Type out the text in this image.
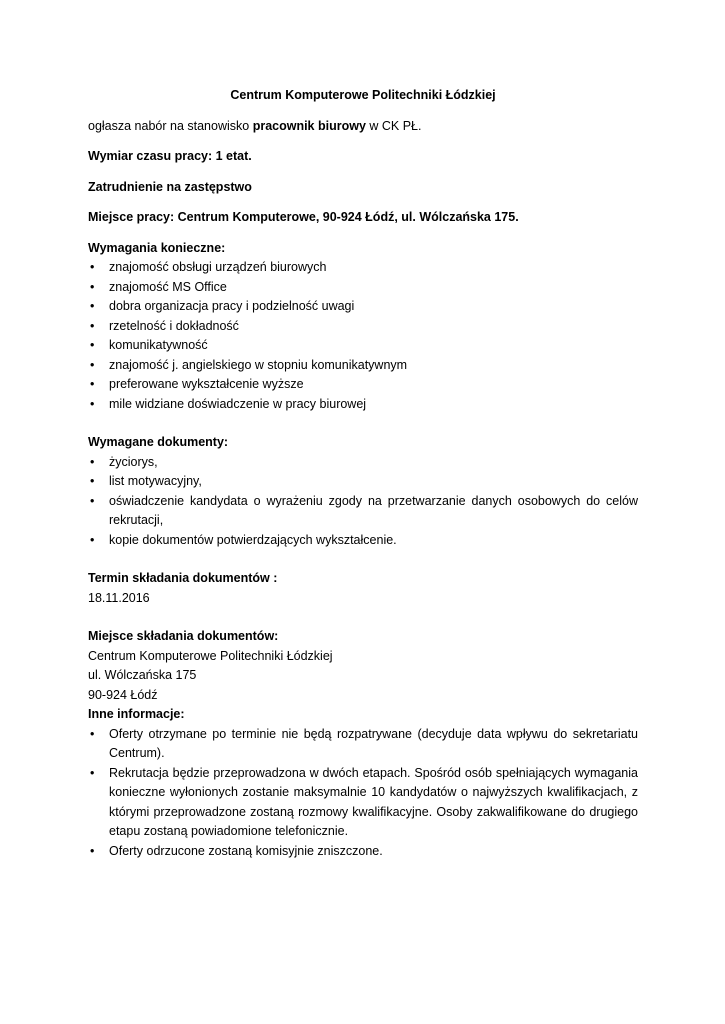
Centrum Komputerowe Politechniki Łódzkiej

ogłasza nabór na stanowisko pracownik biurowy w CK PŁ.

Wymiar czasu pracy: 1 etat.

Zatrudnienie na zastępstwo

Miejsce pracy: Centrum Komputerowe, 90-924 Łódź, ul. Wólczańska 175.

Wymagania konieczne:

• znajomość obsługi urządzeń biurowych
• znajomość MS Office
• dobra organizacja pracy i podzielność uwagi
• rzetelność i dokładność
• komunikatywność
• znajomość j. angielskiego w stopniu komunikatywnym
• preferowane wykształcenie wyższe
• mile widziane doświadczenie w pracy biurowej

Wymagane dokumenty:

• życiorys,
• list motywacyjny,
• oświadczenie kandydata o wyrażeniu zgody na przetwarzanie danych osobowych do celów rekrutacji,
• kopie dokumentów potwierdzających wykształcenie.

Termin składania dokumentów :

18.11.2016

Miejsce składania dokumentów:

Centrum Komputerowe Politechniki Łódzkiej

ul. Wólczańska 175

90-924 Łódź

Inne informacje:

• Oferty otrzymane po terminie nie będą rozpatrywane (decyduje data wpływu do sekretariatu Centrum).
• Rekrutacja będzie przeprowadzona w dwóch etapach. Spośród osób spełniających wymagania konieczne wyłonionych zostanie maksymalnie 10 kandydatów o najwyższych kwalifikacjach, z którymi przeprowadzone zostaną rozmowy kwalifikacyjne. Osoby zakwalifikowane do drugiego etapu zostaną powiadomione telefonicznie.
• Oferty odrzucone zostaną komisyjnie zniszczone.
